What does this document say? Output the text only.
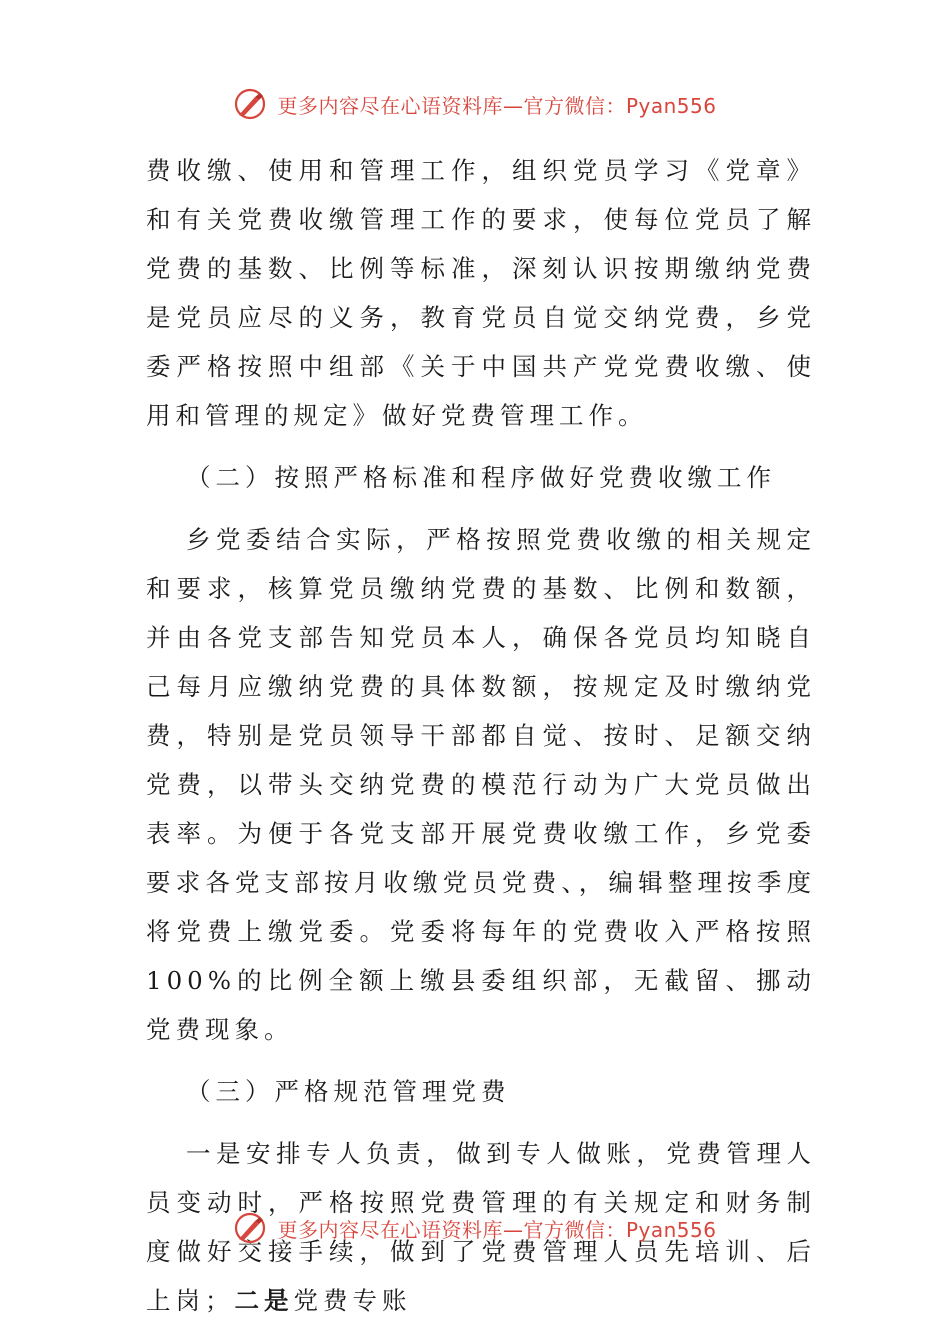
更多内容尽在心语资料库—官方微信：Pyan556

费收缴、使用和管理工作，组织党员学习《党章》和有关党费收缴管理工作的要求，使每位党员了解党费的基数、比例等标准，深刻认识按期缴纳党费是党员应尽的义务，教育党员自觉交纳党费，乡党委严格按照中组部《关于中国共产党党费收缴、使用和管理的规定》做好党费管理工作。

（二）按照严格标准和程序做好党费收缴工作

乡党委结合实际，严格按照党费收缴的相关规定和要求，核算党员缴纳党费的基数、比例和数额，并由各党支部告知党员本人，确保各党员均知晓自己每月应缴纳党费的具体数额，按规定及时缴纳党费，特别是党员领导干部都自觉、按时、足额交纳党费，以带头交纳党费的模范行动为广大党员做出表率。为便于各党支部开展党费收缴工作，乡党委要求各党支部按月收缴党员党费、，编辑整理按季度将党费上缴党委。党委将每年的党费收入严格按照100%的比例全额上缴县委组织部，无截留、挪动党费现象。

（三）严格规范管理党费

一是安排专人负责，做到专人做账，党费管理人员变动时，严格按照党费管理的有关规定和财务制度做好交接手续，做到了党费管理人员先培训、后上岗；二是党费专账

更多内容尽在心语资料库—官方微信：Pyan556
